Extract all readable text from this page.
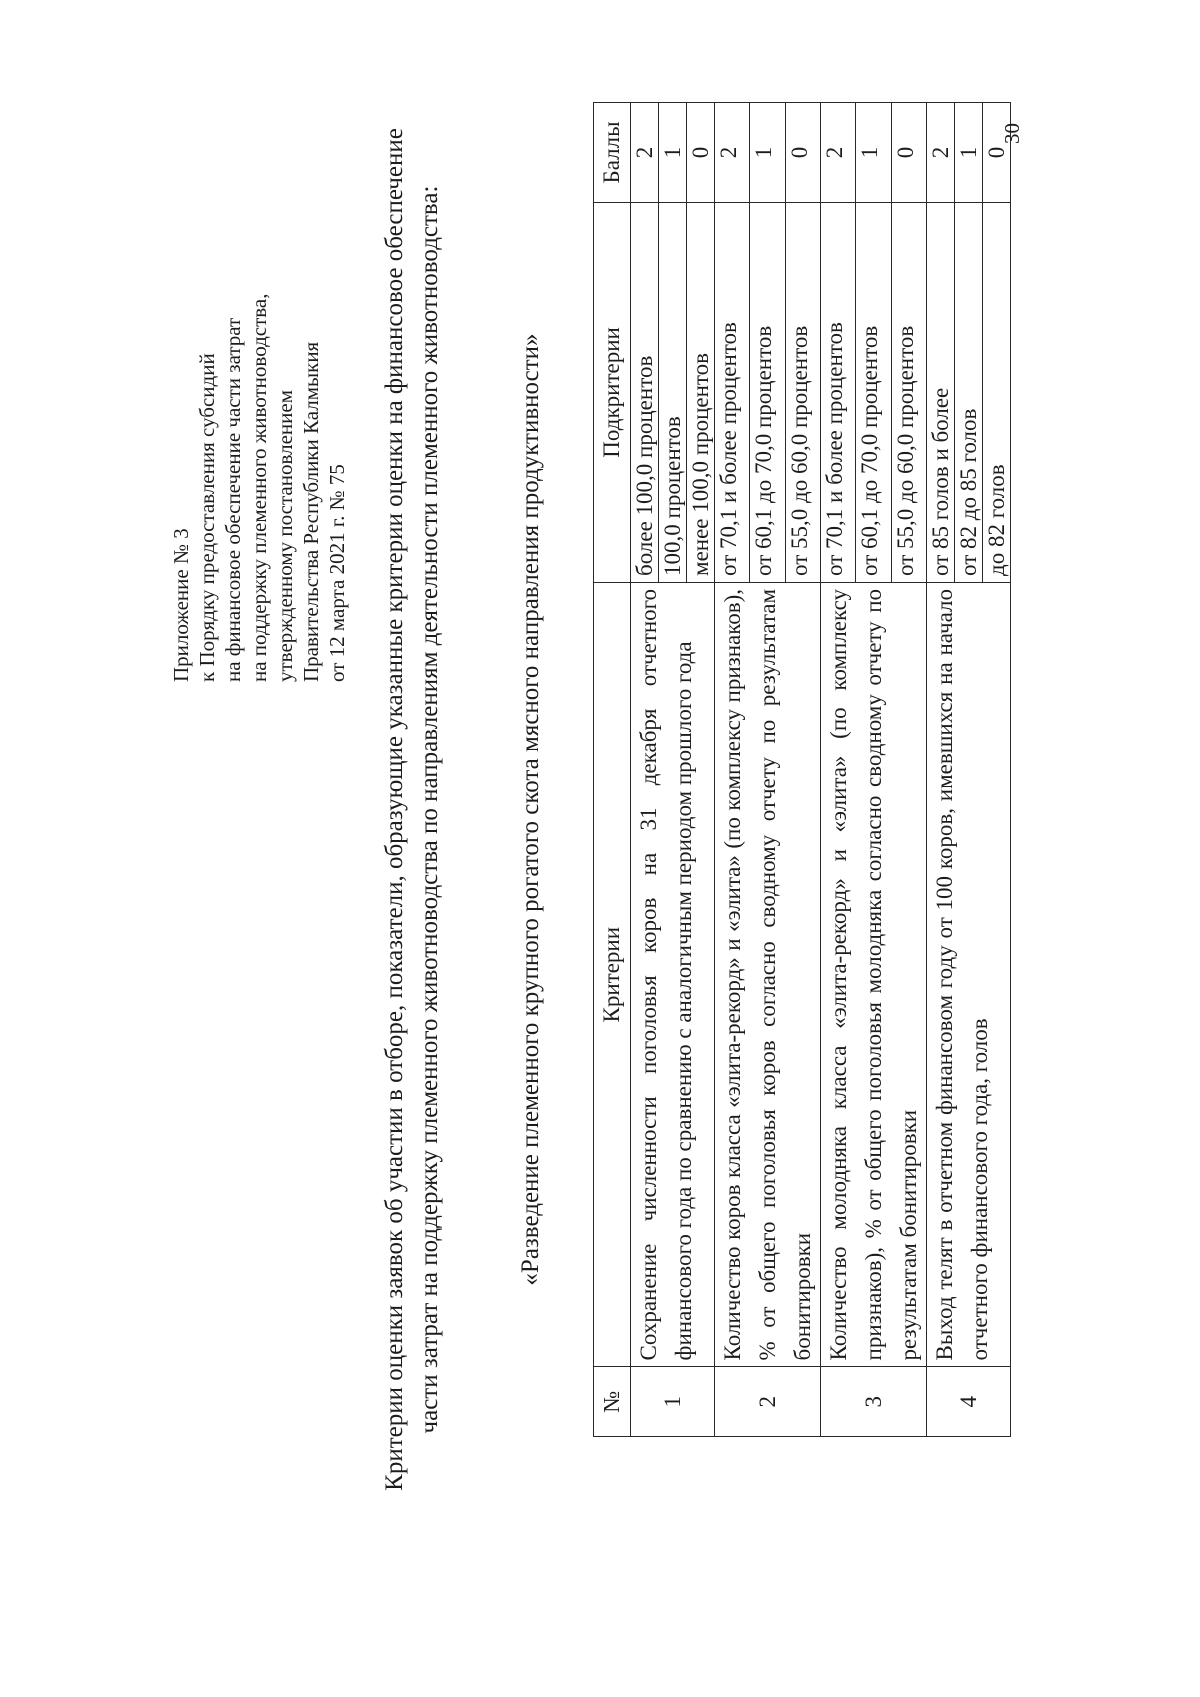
Приложение № 3 к Порядку предоставления субсидий на финансовое обеспечение части затрат на поддержку племенного животноводства, утвержденному постановлением Правительства Республики Калмыкия от 12 марта 2021 г. № 75 Критерии оценки заявок об участии в отборе, показатели, образующие указанные критерии оценки на финансовое обеспечение части затрат на поддержку племенного животноводства по направлениям деятельности племенного животноводства:	«Разведение племенного крупного рогатого скота мясного направления продуктивности»
№	Критерии	Подкритерии	Баллы
1	Сохранение численности поголовья коров на 31 декабря отчетного финансового года по сравнению с аналогичным периодом прошлого года	более 100,0 процентов	2
		100,0 процентов	1
		менее 100,0 процентов	0
2	Количество коров класса «элита-рекорд» и «элита» (по комплексу признаков), % от общего поголовья коров согласно сводному отчету по результатам бонитировки	от 70,1 и более процентов	2
		от 60,1 до 70,0 процентов	1
		от 55,0 до 60,0 процентов	0
3	Количество молодняка класса «элита-рекорд» и «элита» (по комплексу признаков), % от общего поголовья молодняка согласно сводному отчету по результатам бонитировки	от 70,1 и более процентов	2
		от 60,1 до 70,0 процентов	1
		от 55,0 до 60,0 процентов	0
4	Выход телят в отчетном финансовом году от 100 коров, имевшихся на начало отчетного финансового года, голов	от 85 голов и более	2
		от 82 до 85 голов	1
		до 82 голов	0
30
